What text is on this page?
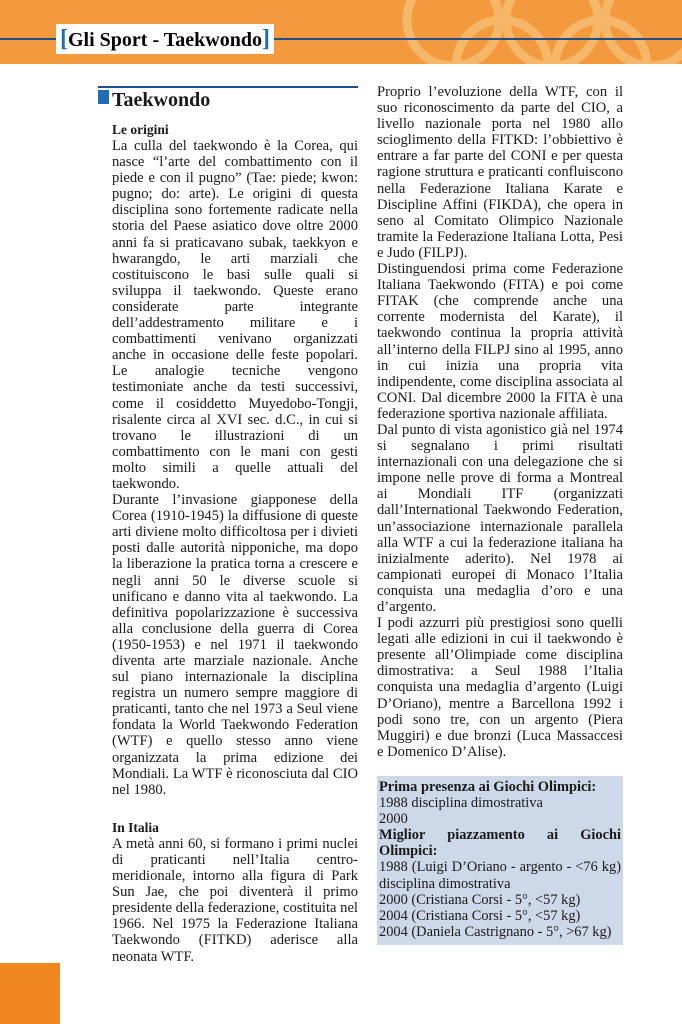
[Gli Sport - Taekwondo]
Taekwondo
Le origini

La culla del taekwondo è la Corea, qui nasce “l’arte del combattimento con il piede e con il pugno” (Tae: piede; kwon: pugno; do: arte). Le origini di questa disciplina sono fortemente radicate nella storia del Paese asiatico dove oltre 2000 anni fa si praticavano subak, taekkyon e hwarangdo, le arti marziali che costituiscono le basi sulle quali si sviluppa il taekwondo. Queste erano considerate parte integrante dell’addestramento militare e i combattimenti venivano organizzati anche in occasione delle feste popolari. Le analogie tecniche vengono testimoniate anche da testi successivi, come il cosiddetto Muyedobo-Tongji, risalente circa al XVI sec. d.C., in cui si trovano le illustrazioni di un combattimento con le mani con gesti molto simili a quelle attuali del taekwondo.

Durante l’invasione giapponese della Corea (1910-1945) la diffusione di queste arti diviene molto difficoltosa per i divieti posti dalle autorità nipponiche, ma dopo la liberazione la pratica torna a crescere e negli anni 50 le diverse scuole si unificano e danno vita al taekwondo. La definitiva popolarizzazione è successiva alla conclusione della guerra di Corea (1950-1953) e nel 1971 il taekwondo diventa arte marziale nazionale. Anche sul piano internazionale la disciplina registra un numero sempre maggiore di praticanti, tanto che nel 1973 a Seul viene fondata la World Taekwondo Federation (WTF) e quello stesso anno viene organizzata la prima edizione dei Mondiali. La WTF è riconosciuta dal CIO nel 1980.

In Italia

A metà anni 60, si formano i primi nuclei di praticanti nell’Italia centro-meridionale, intorno alla figura di Park Sun Jae, che poi diventerà il primo presidente della federazione, costituita nel 1966. Nel 1975 la Federazione Italiana Taekwondo (FITKD) aderisce alla neonata WTF.

Proprio l’evoluzione della WTF, con il suo riconoscimento da parte del CIO, a livello nazionale porta nel 1980 allo scioglimento della FITKD: l’obbiettivo è entrare a far parte del CONI e per questa ragione struttura e praticanti confluiscono nella Federazione Italiana Karate e Discipline Affini (FIKDA), che opera in seno al Comitato Olimpico Nazionale tramite la Federazione Italiana Lotta, Pesi e Judo (FILPJ).

Distinguendosi prima come Federazione Italiana Taekwondo (FITA) e poi come FITAK (che comprende anche una corrente modernista del Karate), il taekwondo continua la propria attività all’interno della FILPJ sino al 1995, anno in cui inizia una propria vita indipendente, come disciplina associata al CONI. Dal dicembre 2000 la FITA è una federazione sportiva nazionale affiliata.

Dal punto di vista agonistico già nel 1974 si segnalano i primi risultati internazionali con una delegazione che si impone nelle prove di forma a Montreal ai Mondiali ITF (organizzati dall’International Taekwondo Federation, un’associazione internazionale parallela alla WTF a cui la federazione italiana ha inizialmente aderito). Nel 1978 ai campionati europei di Monaco l’Italia conquista una medaglia d’oro e una d’argento.

I podi azzurri più prestigiosi sono quelli legati alle edizioni in cui il taekwondo è presente all’Olimpiade come disciplina dimostrativa: a Seul 1988 l’Italia conquista una medaglia d’argento (Luigi D’Oriano), mentre a Barcellona 1992 i podi sono tre, con un argento (Piera Muggiri) e due bronzi (Luca Massaccesi e Domenico D’Alise).

Prima presenza ai Giochi Olimpici:
1988 disciplina dimostrativa
2000
Miglior piazzamento ai Giochi Olimpici:
1988 (Luigi D’Oriano - argento - <76 kg) disciplina dimostrativa
2000 (Cristiana Corsi - 5°, <57 kg)
2004 (Cristiana Corsi - 5°, <57 kg)
2004 (Daniela Castrignano - 5°, >67 kg)
